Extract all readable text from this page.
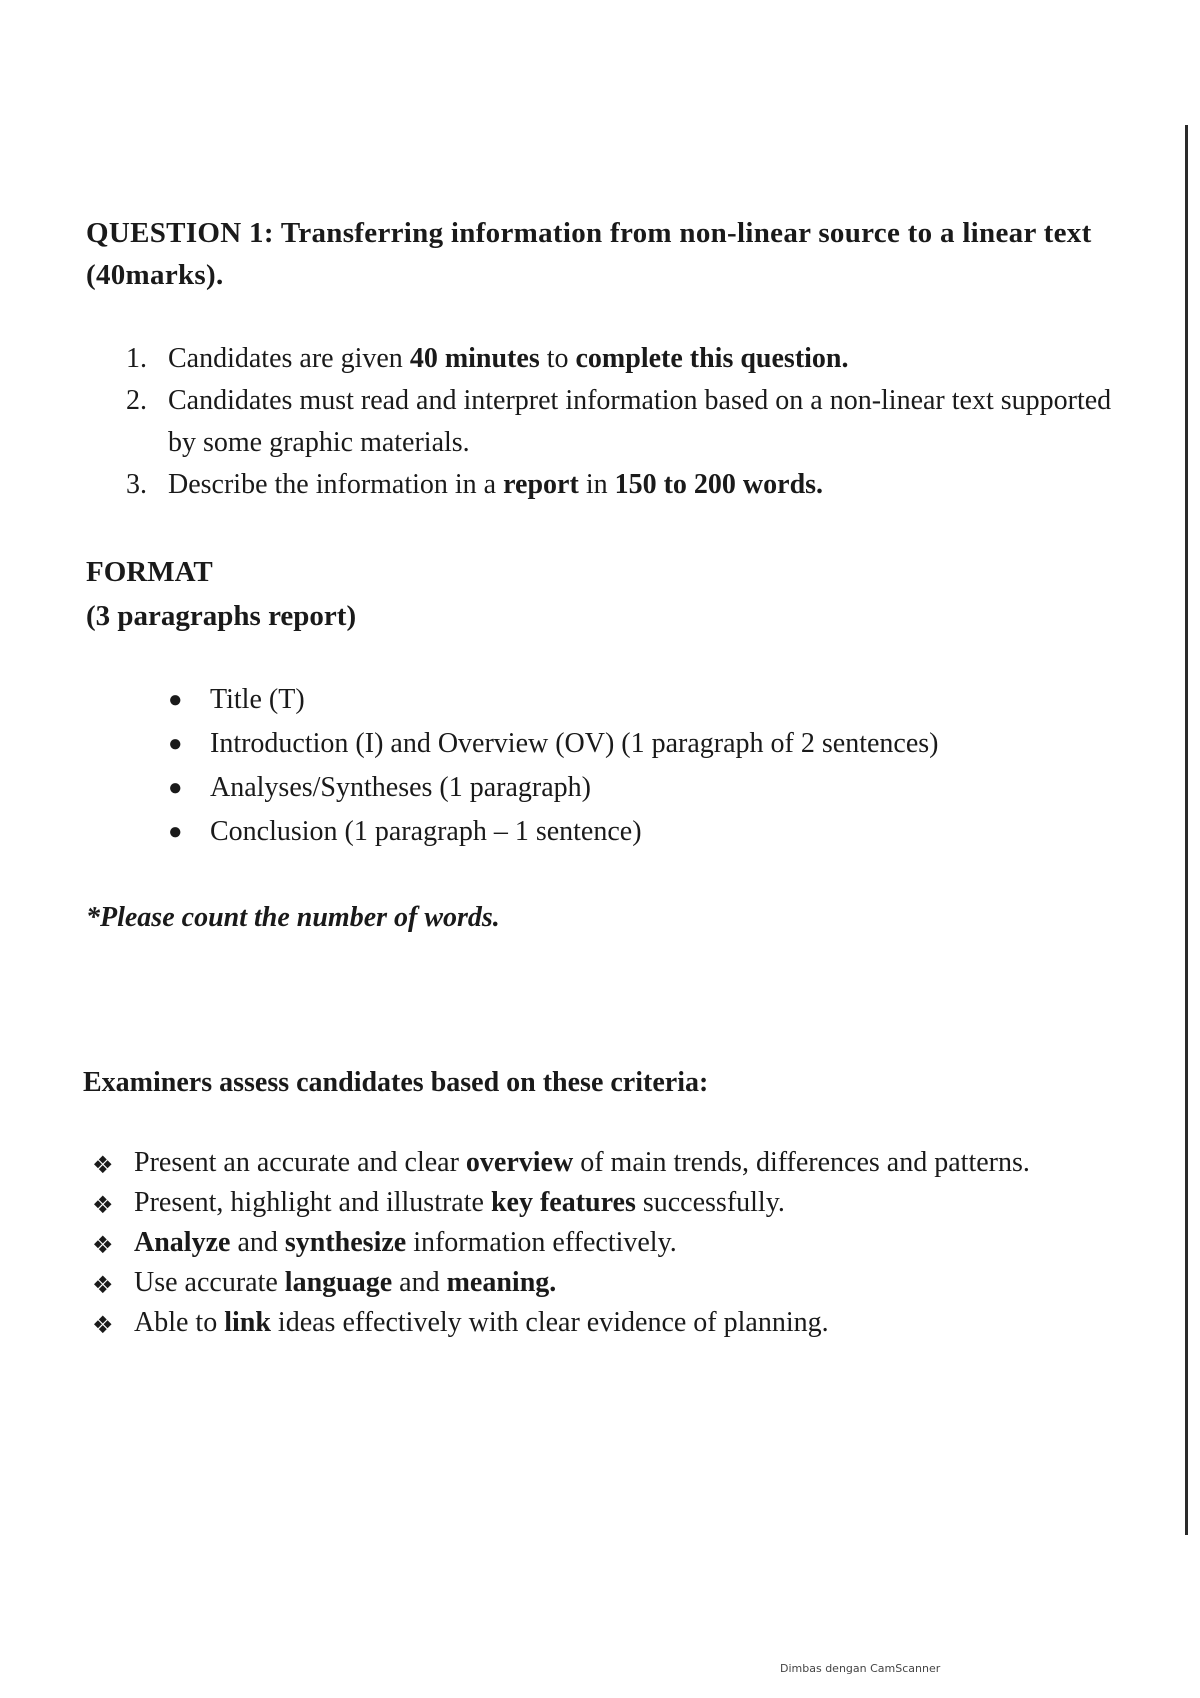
QUESTION 1: Transferring information from non-linear source to a linear text (40marks).
1. Candidates are given 40 minutes to complete this question.
2. Candidates must read and interpret information based on a non-linear text supported by some graphic materials.
3. Describe the information in a report in 150 to 200 words.
FORMAT
(3 paragraphs report)
● Title (T)
● Introduction (I) and Overview (OV) (1 paragraph of 2 sentences)
● Analyses/Syntheses (1 paragraph)
● Conclusion (1 paragraph – 1 sentence)
*Please count the number of words.
Examiners assess candidates based on these criteria:
❖ Present an accurate and clear overview of main trends, differences and patterns.
❖ Present, highlight and illustrate key features successfully.
❖ Analyze and synthesize information effectively.
❖ Use accurate language and meaning.
❖ Able to link ideas effectively with clear evidence of planning.
Dimbas dengan CamScanner
